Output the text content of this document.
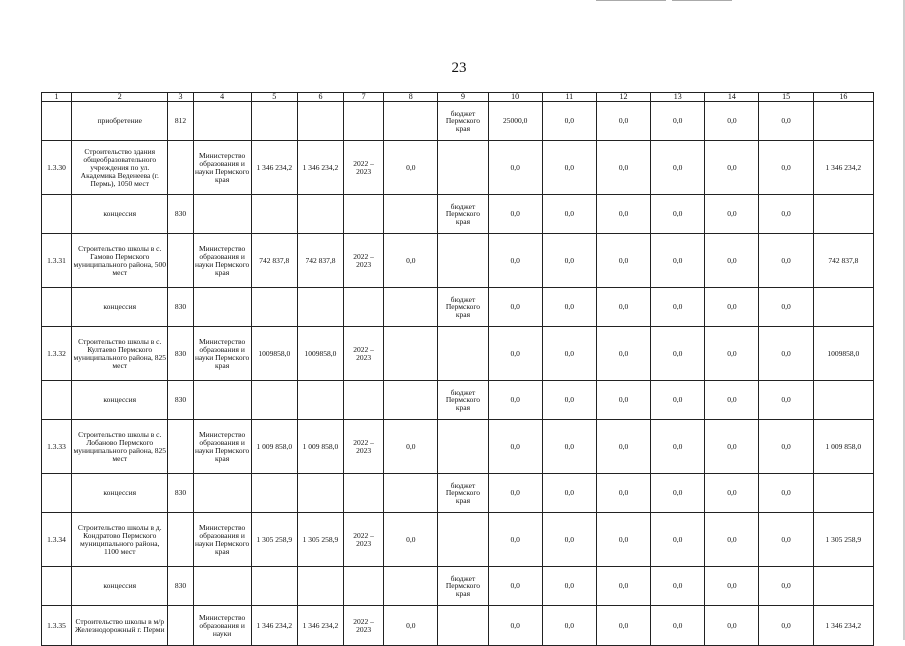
23
1	2	3	4	5	6	7	8	9	10	11	12	13	14	15	16
	приобретение	812						бюджет Пермского края	25000,0	0,0	0,0	0,0	0,0	0,0	
1.3.30	Строительство здания общеобразовательного учреждения по ул. Академика Веденеева (г. Пермь), 1050 мест		Министерство образования и науки Пермского края	1 346 234,2	1 346 234,2	2022 – 2023	0,0		0,0	0,0	0,0	0,0	0,0	0,0	1 346 234,2
	концессия	830						бюджет Пермского края	0,0	0,0	0,0	0,0	0,0	0,0	
1.3.31	Строительство школы в с. Гамово Пермского муниципального района, 500 мест		Министерство образования и науки Пермского края	742 837,8	742 837,8	2022 – 2023	0,0		0,0	0,0	0,0	0,0	0,0	0,0	742 837,8
	концессия	830						бюджет Пермского края	0,0	0,0	0,0	0,0	0,0	0,0	
1.3.32	Строительство школы в с. Култаево Пермского муниципального района, 825 мест	830	Министерство образования и науки Пермского края	1009858,0	1009858,0	2022 – 2023			0,0	0,0	0,0	0,0	0,0	0,0	1009858,0
	концессия	830						бюджет Пермского края	0,0	0,0	0,0	0,0	0,0	0,0	
1.3.33	Строительство школы в с. Лобаново Пермского муниципального района, 825 мест		Министерство образования и науки Пермского края	1 009 858,0	1 009 858,0	2022 – 2023	0,0		0,0	0,0	0,0	0,0	0,0	0,0	1 009 858,0
	концессия	830						бюджет Пермского края	0,0	0,0	0,0	0,0	0,0	0,0	
1.3.34	Строительство школы в д. Кондратово Пермского муниципального района, 1100 мест		Министерство образования и науки Пермского края	1 305 258,9	1 305 258,9	2022 – 2023	0,0		0,0	0,0	0,0	0,0	0,0	0,0	1 305 258,9
	концессия	830						бюджет Пермского края	0,0	0,0	0,0	0,0	0,0	0,0	
1.3.35	Строительство школы в м/р Железнодорожный г. Перми		Министерство образования и науки	1 346 234,2	1 346 234,2	2022 – 2023	0,0		0,0	0,0	0,0	0,0	0,0	0,0	1 346 234,2
